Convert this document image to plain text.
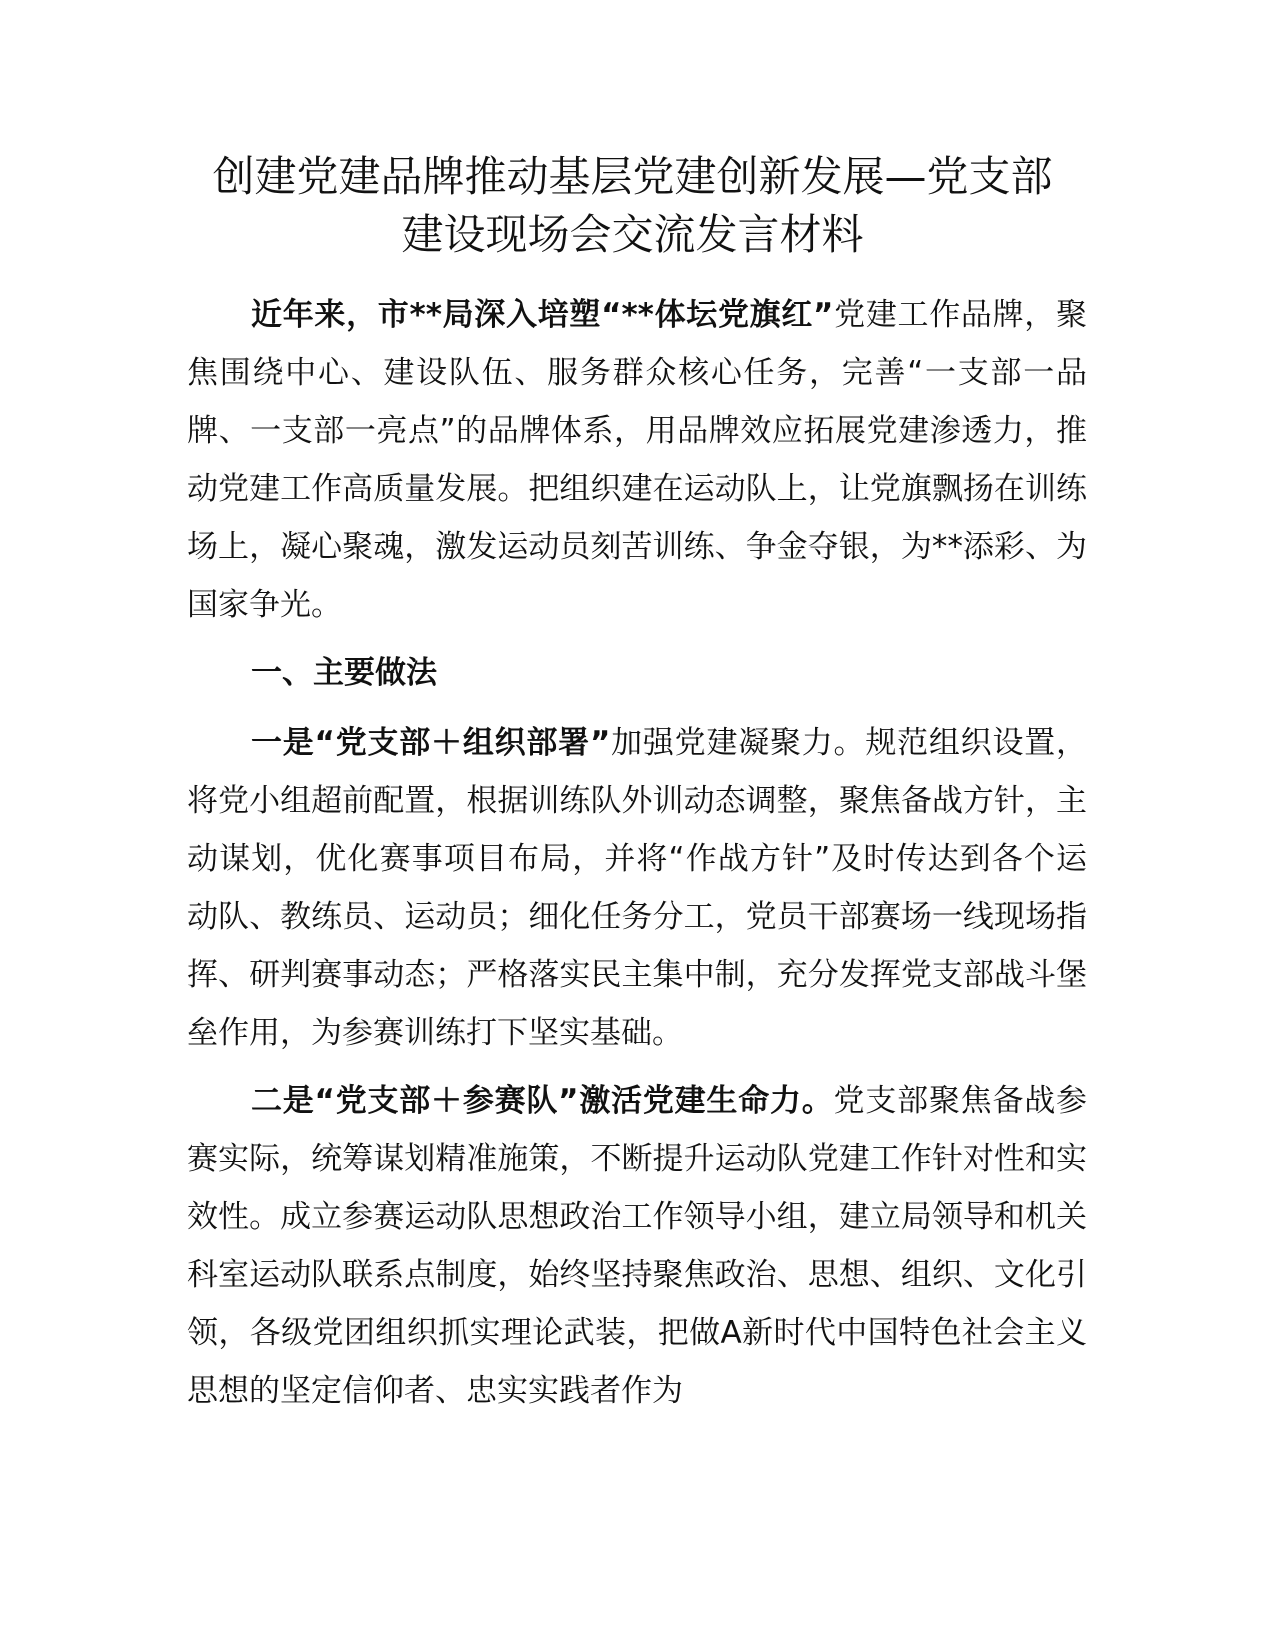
创建党建品牌推动基层党建创新发展—党支部
建设现场会交流发言材料

近年来，市**局深入培塑“**体坛党旗红”党建工作品牌，聚焦围绕中心、建设队伍、服务群众核心任务，完善“一支部一品牌、一支部一亮点”的品牌体系，用品牌效应拓展党建渗透力，推动党建工作高质量发展。把组织建在运动队上，让党旗飘扬在训练场上，凝心聚魂，激发运动员刻苦训练、争金夺银，为**添彩、为国家争光。

一、主要做法

一是“党支部＋组织部署”加强党建凝聚力。规范组织设置，将党小组超前配置，根据训练队外训动态调整，聚焦备战方针，主动谋划，优化赛事项目布局，并将“作战方针”及时传达到各个运动队、教练员、运动员；细化任务分工，党员干部赛场一线现场指挥、研判赛事动态；严格落实民主集中制，充分发挥党支部战斗堡垒作用，为参赛训练打下坚实基础。

二是“党支部＋参赛队”激活党建生命力。党支部聚焦备战参赛实际，统筹谋划精准施策，不断提升运动队党建工作针对性和实效性。成立参赛运动队思想政治工作领导小组，建立局领导和机关科室运动队联系点制度，始终坚持聚焦政治、思想、组织、文化引领，各级党团组织抓实理论武装，把做A新时代中国特色社会主义思想的坚定信仰者、忠实实践者作为
